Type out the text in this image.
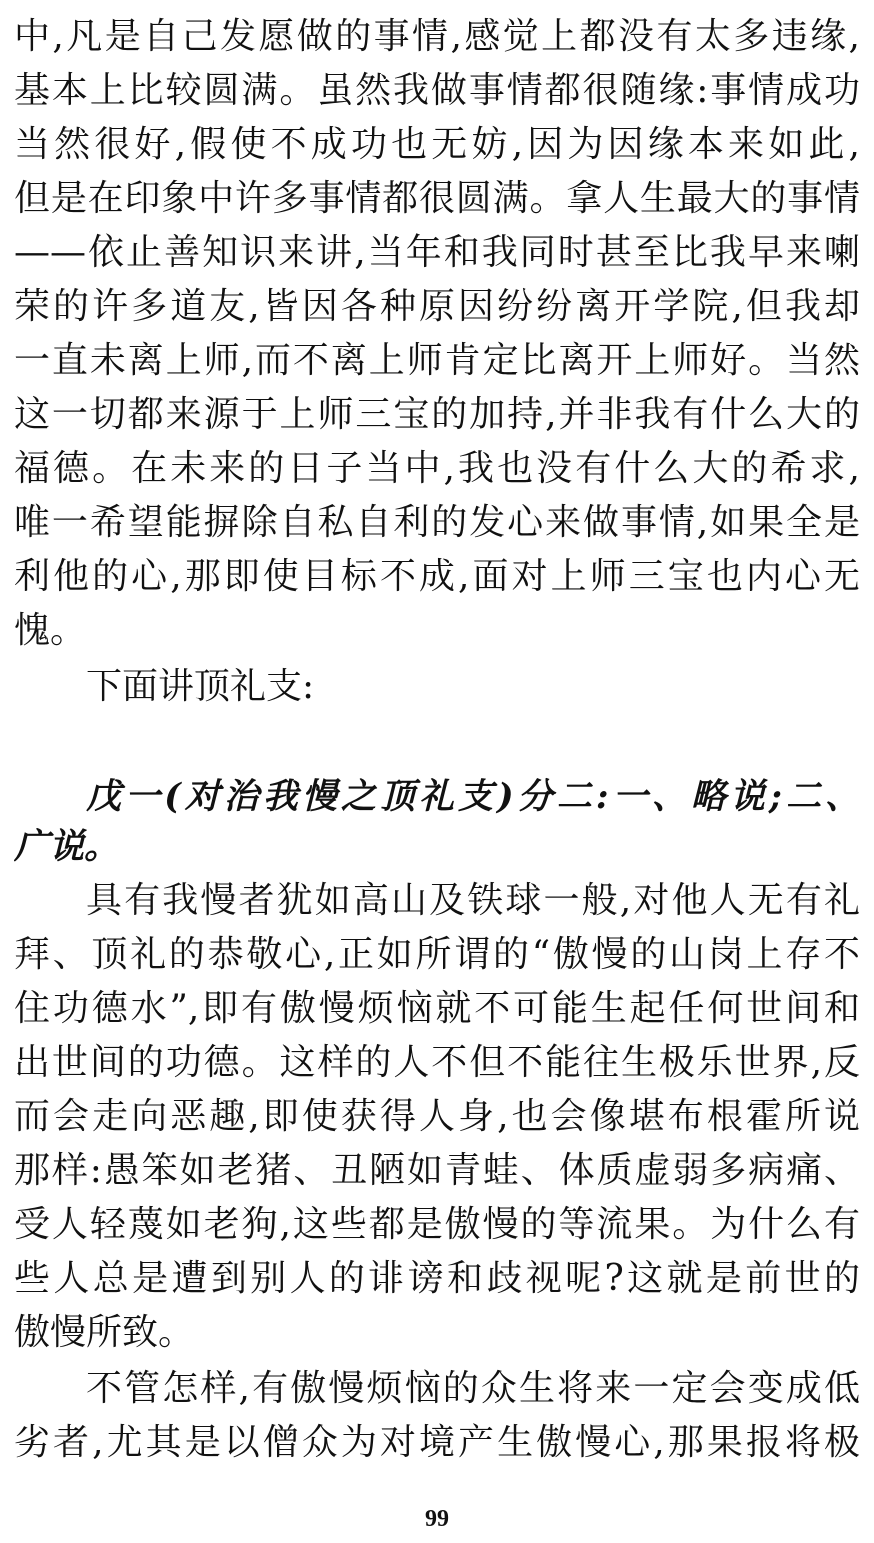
中,凡是自己发愿做的事情,感觉上都没有太多违缘,
基本上比较圆满。虽然我做事情都很随缘:事情成功
当然很好,假使不成功也无妨,因为因缘本来如此,
但是在印象中许多事情都很圆满。拿人生最大的事情
——依止善知识来讲,当年和我同时甚至比我早来喇
荣的许多道友,皆因各种原因纷纷离开学院,但我却
一直未离上师,而不离上师肯定比离开上师好。当然
这一切都来源于上师三宝的加持,并非我有什么大的
福德。在未来的日子当中,我也没有什么大的希求,
唯一希望能摒除自私自利的发心来做事情,如果全是
利他的心,那即使目标不成,面对上师三宝也内心无
愧。
下面讲顶礼支:
戊一(对治我慢之顶礼支)分二:一、略说;二、
广说。
具有我慢者犹如高山及铁球一般,对他人无有礼
拜、顶礼的恭敬心,正如所谓的“傲慢的山岗上存不
住功德水”,即有傲慢烦恼就不可能生起任何世间和
出世间的功德。这样的人不但不能往生极乐世界,反
而会走向恶趣,即使获得人身,也会像堪布根霍所说
那样:愚笨如老猪、丑陋如青蛙、体质虚弱多病痛、
受人轻蔑如老狗,这些都是傲慢的等流果。为什么有
些人总是遭到别人的诽谤和歧视呢?这就是前世的
傲慢所致。
不管怎样,有傲慢烦恼的众生将来一定会变成低
劣者,尤其是以僧众为对境产生傲慢心,那果报将极
99
